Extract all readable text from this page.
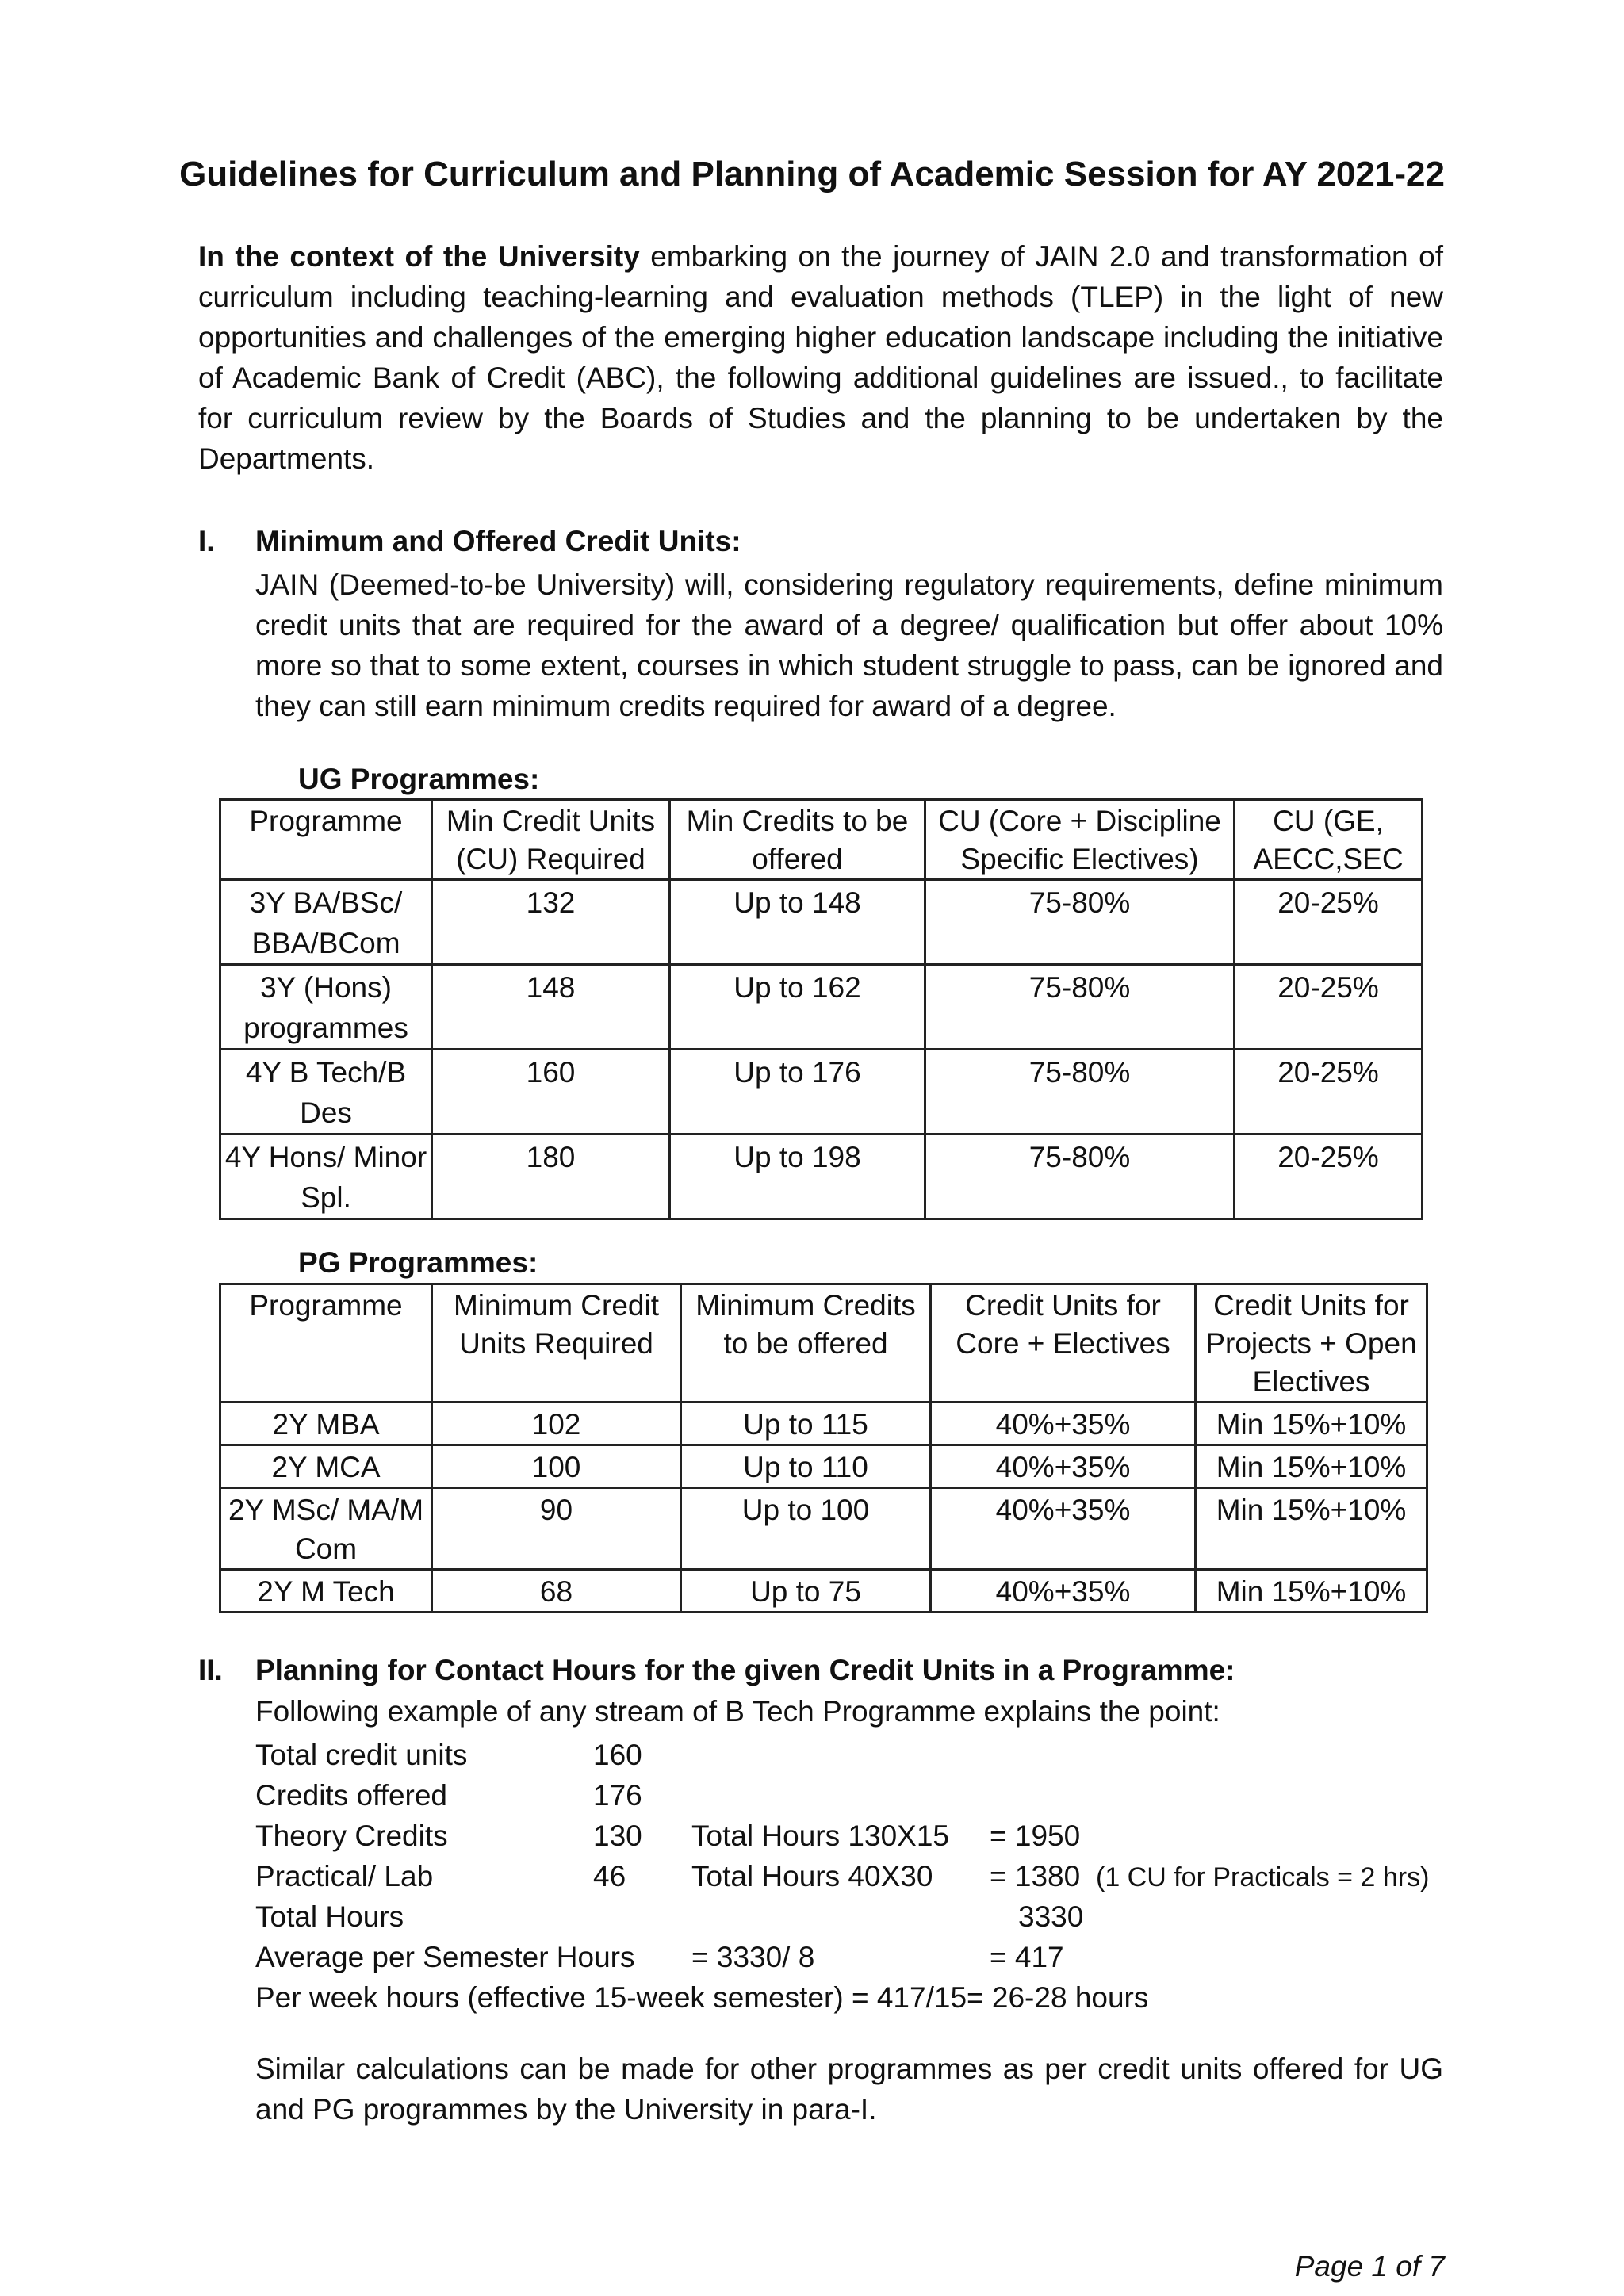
Guidelines for Curriculum and Planning of Academic Session for AY 2021-22
In the context of the University embarking on the journey of JAIN 2.0 and transformation of curriculum including teaching-learning and evaluation methods (TLEP) in the light of new opportunities and challenges of the emerging higher education landscape including the initiative of Academic Bank of Credit (ABC), the following additional guidelines are issued., to facilitate for curriculum review by the Boards of Studies and the planning to be undertaken by the Departments.
I. Minimum and Offered Credit Units:
JAIN (Deemed-to-be University) will, considering regulatory requirements, define minimum credit units that are required for the award of a degree/ qualification but offer about 10% more so that to some extent, courses in which student struggle to pass, can be ignored and they can still earn minimum credits required for award of a degree.
UG Programmes:
Programme	Min Credit Units (CU) Required	Min Credits to be offered	CU (Core + Discipline Specific Electives)	CU (GE, AECC,SEC
3Y BA/BSc/ BBA/BCom	132	Up to 148	75-80%	20-25%
3Y (Hons) programmes	148	Up to 162	75-80%	20-25%
4Y B Tech/B Des	160	Up to 176	75-80%	20-25%
4Y Hons/ Minor Spl.	180	Up to 198	75-80%	20-25%
PG Programmes:
Programme	Minimum Credit Units Required	Minimum Credits to be offered	Credit Units for Core + Electives	Credit Units for Projects + Open Electives
2Y MBA	102	Up to 115	40%+35%	Min 15%+10%
2Y MCA	100	Up to 110	40%+35%	Min 15%+10%
2Y MSc/ MA/M Com	90	Up to 100	40%+35%	Min 15%+10%
2Y M Tech	68	Up to 75	40%+35%	Min 15%+10%
II. Planning for Contact Hours for the given Credit Units in a Programme:
Following example of any stream of B Tech Programme explains the point:
Total credit units	160
Credits offered	176
Theory Credits	130 Total Hours 130X15 = 1950
Practical/ Lab	46 Total Hours 40X30 = 1380 (1 CU for Practicals = 2 hrs)
Total Hours	3330
Average per Semester Hours = 3330/ 8	= 417
Per week hours (effective 15-week semester) = 417/15= 26-28 hours
Similar calculations can be made for other programmes as per credit units offered for UG and PG programmes by the University in para-I.
Page 1 of 7
